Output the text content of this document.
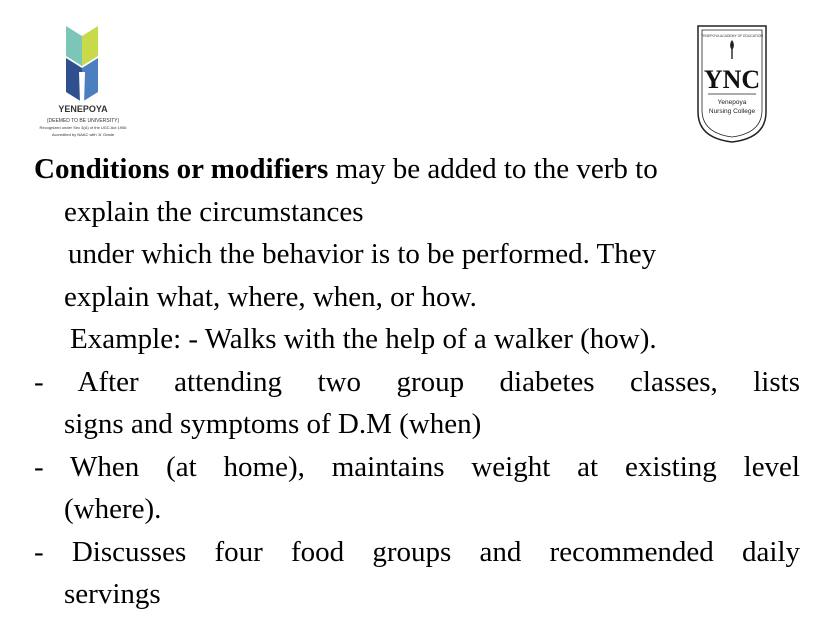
YENEPOYA
(DEEMED TO BE UNIVERSITY)
Recognized under Sec 3(A) of the UGC Act 1956
Accredited by NAAC with 'A' Grade
YENEPOYA ACADEMY OF EDUCATION
YNC
Yenepoya
Nursing College
Conditions or modifiers may be added to the verb to
explain the circumstances
under which the behavior is to be performed. They
explain what, where, when, or how.
Example: - Walks with the help of a walker (how).
- After attending two group diabetes classes, lists
signs and symptoms of D.M (when)
- When (at home), maintains weight at existing level
(where).
- Discusses four food groups and recommended daily
servings
